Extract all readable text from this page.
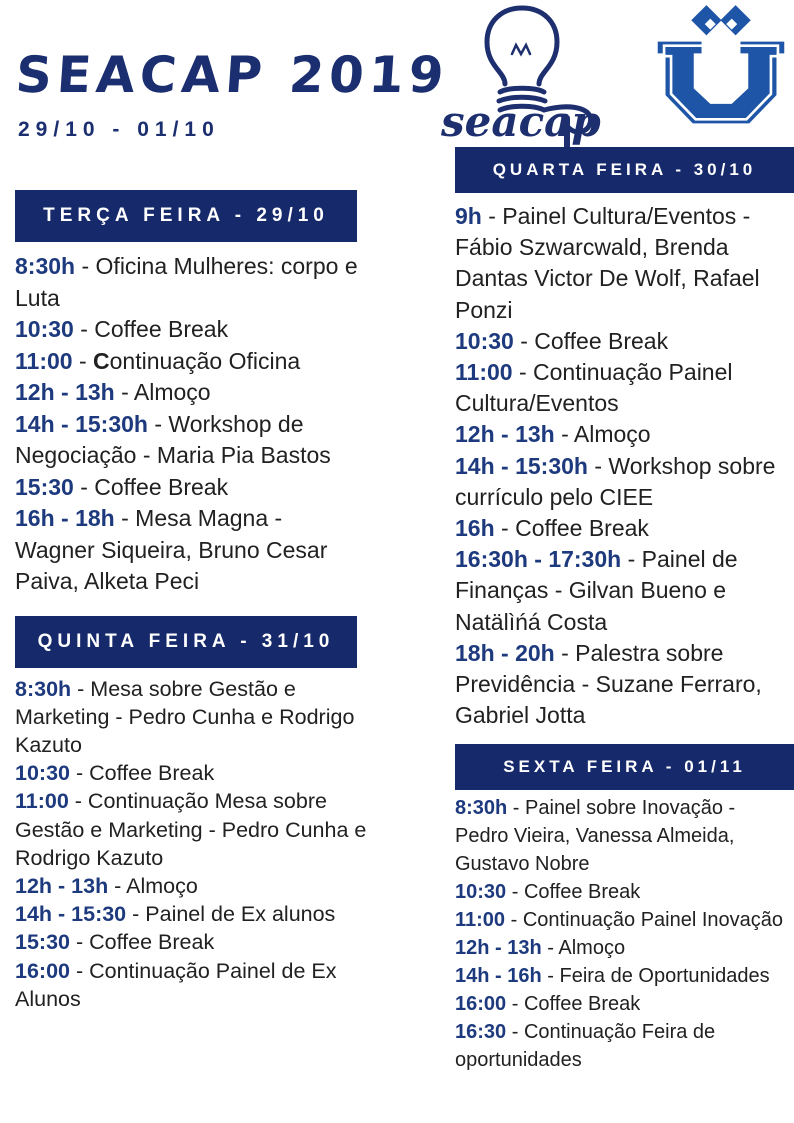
SEACAP 2019
29/10 - 01/10	seacap
TERÇA FEIRA - 29/10
8:30h - Oficina Mulheres: corpo e Luta
10:30 - Coffee Break
11:00 - Continuação Oficina
12h - 13h - Almoço
14h - 15:30h - Workshop de Negociação - Maria Pia Bastos
15:30 - Coffee Break
16h - 18h - Mesa Magna - Wagner Siqueira, Bruno Cesar Paiva, Alketa Peci
QUINTA FEIRA - 31/10
8:30h - Mesa sobre Gestão e Marketing - Pedro Cunha e Rodrigo Kazuto
10:30 - Coffee Break
11:00 - Continuação Mesa sobre Gestão e Marketing - Pedro Cunha e Rodrigo Kazuto
12h - 13h - Almoço
14h - 15:30 - Painel de Ex alunos
15:30 - Coffee Break
16:00 - Continuação Painel de Ex Alunos
QUARTA FEIRA - 30/10
9h - Painel Cultura/Eventos - Fábio Szwarcwald, Brenda Dantas Victor De Wolf, Rafael Ponzi
10:30 - Coffee Break
11:00 - Continuação Painel Cultura/Eventos
12h - 13h - Almoço
14h - 15:30h - Workshop sobre currículo pelo CIEE
16h - Coffee Break
16:30h - 17:30h - Painel de Finanças - Gilvan Bueno e Natälìńá Costa
18h - 20h - Palestra sobre Previdência - Suzane Ferraro, Gabriel Jotta
SEXTA FEIRA - 01/11
8:30h - Painel sobre Inovação - Pedro Vieira, Vanessa Almeida, Gustavo Nobre
10:30 - Coffee Break
11:00 - Continuação Painel Inovação
12h - 13h - Almoço
14h - 16h - Feira de Oportunidades
16:00 - Coffee Break
16:30 - Continuação Feira de oportunidades
